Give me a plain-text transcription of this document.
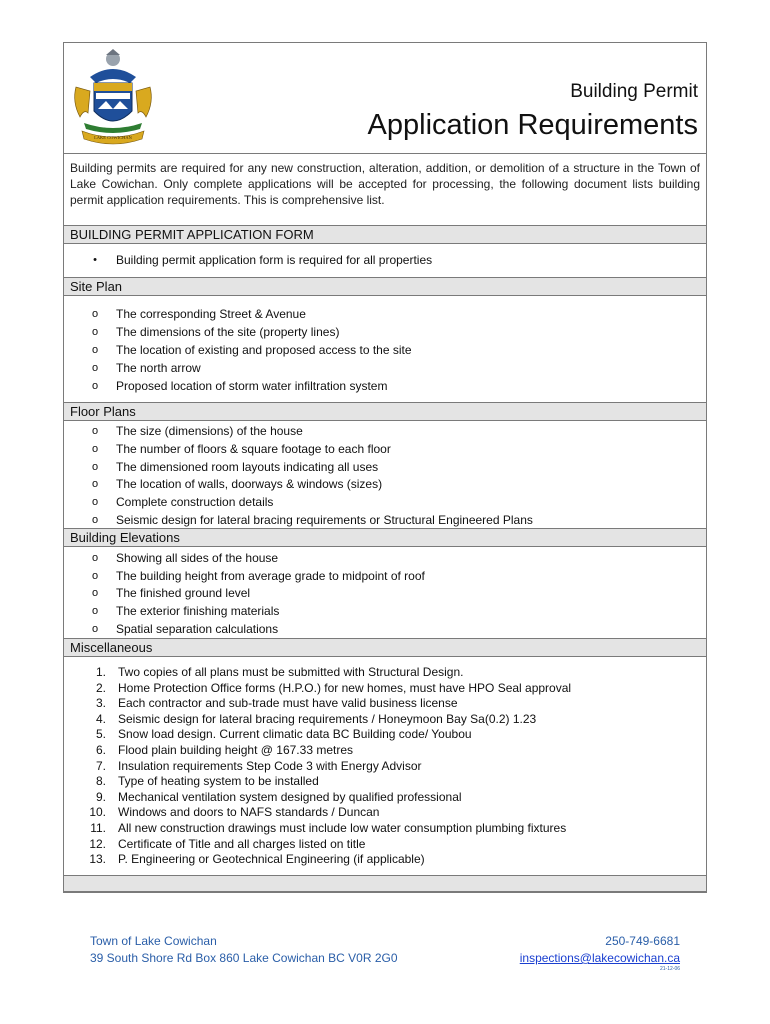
LAKE COWICHAN
Building Permit
Application Requirements
Building permits are required for any new construction, alteration, addition, or demolition of a structure in the Town of Lake Cowichan. Only complete applications will be accepted for processing, the following document lists building permit application requirements. This is comprehensive list.
BUILDING PERMIT APPLICATION FORM
•	Building permit application form is required for all properties
Site Plan
o	The corresponding Street & Avenue
o	The dimensions of the site (property lines)
o	The location of existing and proposed access to the site
o	The north arrow
o	Proposed location of storm water infiltration system
Floor Plans
o	The size (dimensions) of the house
o	The number of floors & square footage to each floor
o	The dimensioned room layouts indicating all uses
o	The location of walls, doorways & windows (sizes)
o	Complete construction details
o	Seismic design for lateral bracing requirements or Structural Engineered Plans
Building Elevations
o	Showing all sides of the house
o	The building height from average grade to midpoint of roof
o	The finished ground level
o	The exterior finishing materials
o	Spatial separation calculations
Miscellaneous
1. Two copies of all plans must be submitted with Structural Design.
2. Home Protection Office forms (H.P.O.) for new homes, must have HPO Seal approval
3. Each contractor and sub-trade must have valid business license
4. Seismic design for lateral bracing requirements / Honeymoon Bay Sa(0.2) 1.23
5. Snow load design. Current climatic data BC Building code/ Youbou
6. Flood plain building height @ 167.33 metres
7. Insulation requirements Step Code 3 with Energy Advisor
8. Type of heating system to be installed
9. Mechanical ventilation system designed by qualified professional
10. Windows and doors to NAFS standards / Duncan
11. All new construction drawings must include low water consumption plumbing fixtures
12. Certificate of Title and all charges listed on title
13. P. Engineering or Geotechnical Engineering (if applicable)
Town of Lake Cowichan
39 South Shore Rd Box 860 Lake Cowichan BC V0R 2G0
250-749-6681
inspections@lakecowichan.ca
21-12-06
